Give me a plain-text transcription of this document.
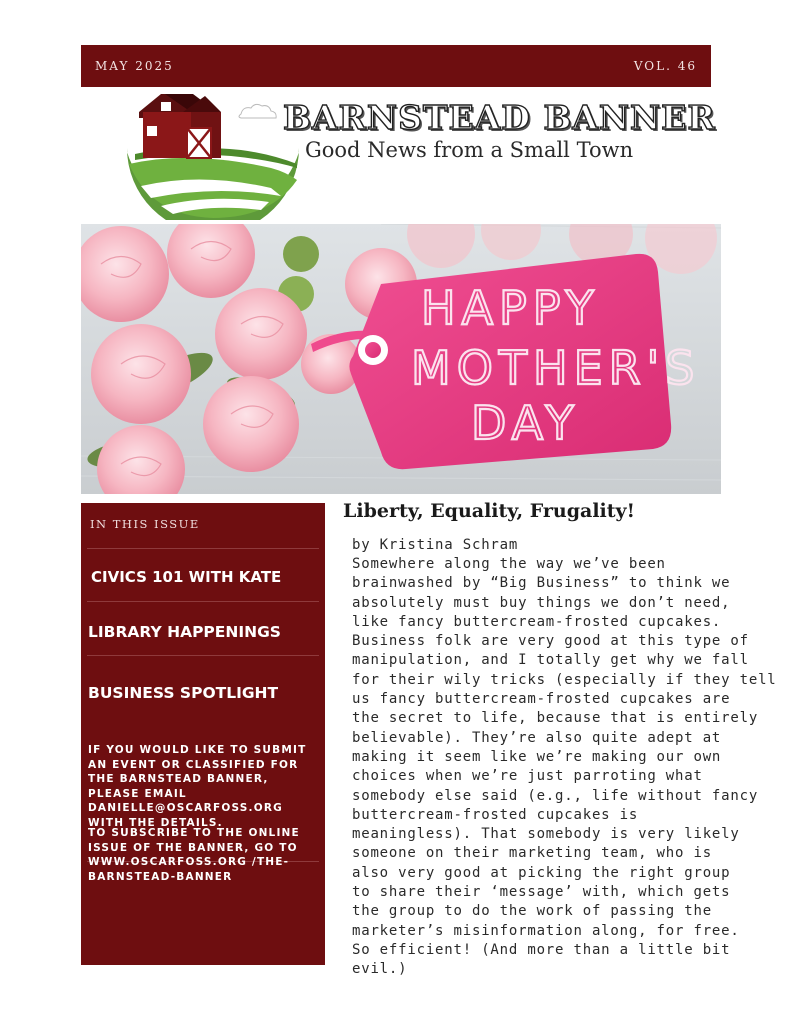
MAY 2025	VOL. 46
BARNSTEAD BANNER
Good News from a Small Town
HAPPY
MOTHER'S
DAY
IN THIS ISSUE
CIVICS 101 WITH KATE
LIBRARY HAPPENINGS
BUSINESS SPOTLIGHT
IF YOU WOULD LIKE TO SUBMIT AN EVENT OR CLASSIFIED FOR THE BARNSTEAD BANNER, PLEASE EMAIL DANIELLE@OSCARFOSS.ORG WITH THE DETAILS.
TO SUBSCRIBE TO THE ONLINE ISSUE OF THE BANNER, GO TO WWW.OSCARFOSS.ORG /THE-BARNSTEAD-BANNER
Liberty, Equality, Frugality!
by Kristina Schram
Somewhere along the way we’ve been
brainwashed by “Big Business” to think we
absolutely must buy things we don’t need,
like fancy buttercream-frosted cupcakes.
Business folk are very good at this type of
manipulation, and I totally get why we fall
for their wily tricks (especially if they tell
us fancy buttercream-frosted cupcakes are
the secret to life, because that is entirely
believable). They’re also quite adept at
making it seem like we’re making our own
choices when we’re just parroting what
somebody else said (e.g., life without fancy
buttercream-frosted cupcakes is
meaningless). That somebody is very likely
someone on their marketing team, who is
also very good at picking the right group
to share their ‘message’ with, which gets
the group to do the work of passing the
marketer’s misinformation along, for free.
So efficient! (And more than a little bit
evil.)
